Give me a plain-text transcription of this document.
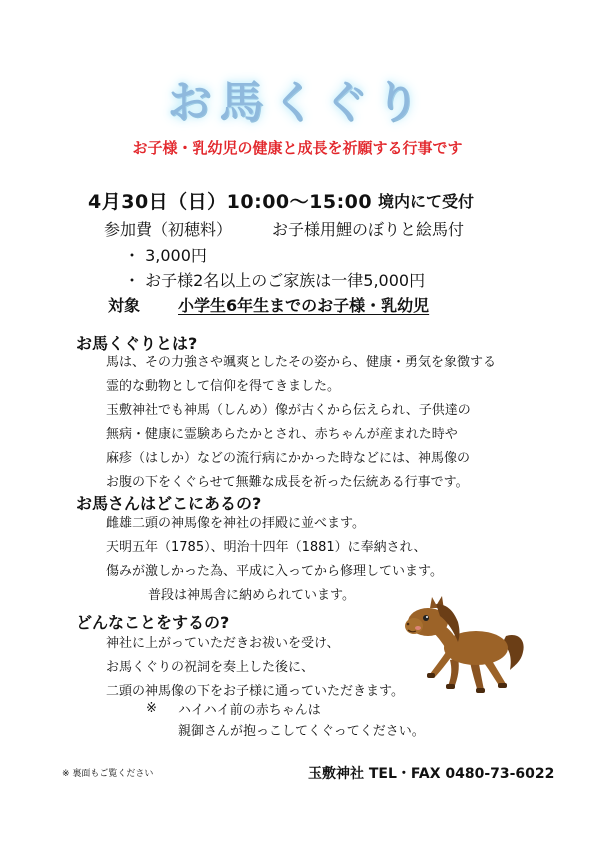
お馬くぐり
お子様・乳幼児の健康と成長を祈願する行事です
4月30日（日）10:00～15:00 境内にて受付
参加費（初穂料） お子様用鯉のぼりと絵馬付
・ 3,000円
・ お子様2名以上のご家族は一律5,000円
対象 小学生6年生までのお子様・乳幼児
お馬くぐりとは?
馬は、その力強さや颯爽としたその姿から、健康・勇気を象徴する
霊的な動物として信仰を得てきました。
玉敷神社でも神馬（しんめ）像が古くから伝えられ、子供達の
無病・健康に霊験あらたかとされ、赤ちゃんが産まれた時や
麻疹（はしか）などの流行病にかかった時などには、神馬像の
お腹の下をくぐらせて無難な成長を祈った伝統ある行事です。
お馬さんはどこにあるの?
雌雄二頭の神馬像を神社の拝殿に並べます。
天明五年（1785）、明治十四年（1881）に奉納され、
傷みが激しかった為、平成に入ってから修理しています。
普段は神馬舎に納められています。
どんなことをするの?
神社に上がっていただきお祓いを受け、
お馬くぐりの祝詞を奏上した後に、
二頭の神馬像の下をお子様に通っていただきます。
※ ハイハイ前の赤ちゃんは
親御さんが抱っこしてくぐってください。
※ 裏面もご覧ください	玉敷神社 TEL・FAX 0480-73-6022
